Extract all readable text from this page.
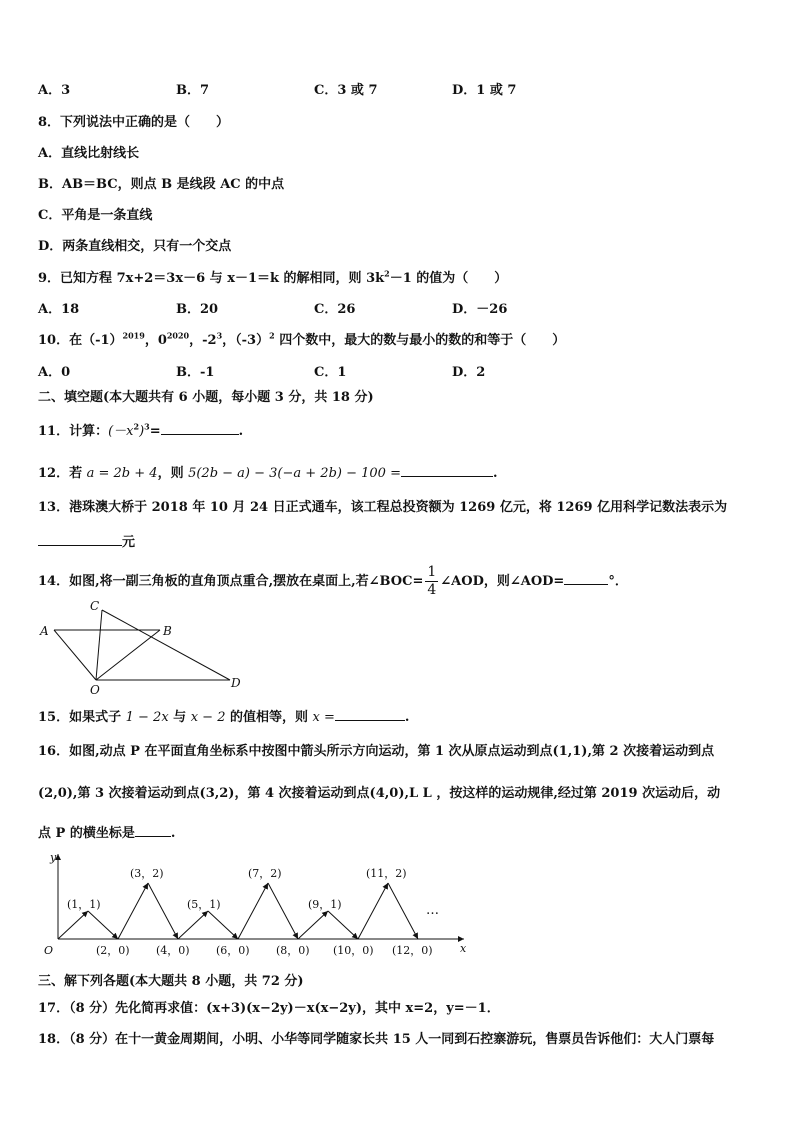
A．3	B．7	C．3 或 7	D．1 或 7
8．下列说法中正确的是（　　）
A．直线比射线长
B．AB＝BC，则点 B 是线段 AC 的中点
C．平角是一条直线
D．两条直线相交，只有一个交点
9．已知方程 7x+2＝3x－6 与 x－1＝k 的解相同，则 $3k^2-1$ 的值为（　　）
A．18	B．20	C．26	D．－26
10．在$(-1)^{2019}$，$0^{2020}$，$-2^3$，$(-3)^2$ 四个数中，最大的数与最小的数的和等于（　　）
A．0	B．-1	C．1	D．2
二、填空题(本大题共有 6 小题，每小题 3 分，共 18 分)
11．计算：$(-x^2)^3=$	.
12．若 a = 2b + 4，则 5(2b − a) − 3(−a + 2b) − 100 =	.
13．港珠澳大桥于 2018 年 10 月 24 日正式通车，该工程总投资额为 1269 亿元，将 1269 亿用科学记数法表示为
元
14．如图,将一副三角板的直角顶点重合,摆放在桌面上,若∠BOC= $\frac{1}{4}$ ∠AOD，则∠AOD=	°．
A	B
C
O	D
15．如果式子 1 − 2x 与 x − 2 的值相等，则 x =	.
16．如图,动点 P 在平面直角坐标系中按图中箭头所示方向运动，第 1 次从原点运动到点(1,1),第 2 次接着运动到点
(2,0),第 3 次接着运动到点(3,2)，第 4 次接着运动到点(4,0),L L ，按这样的运动规律,经过第 2019 次运动后，动
点 P 的横坐标是	.
y
x
O
…
(1，1)
(3，2)
(5，1)
(7，2)
(9，1)
(11，2)
(2，0) (4，0) (6，0) (8，0) (10，0) (12，0)
三、解下列各题(本大题共 8 小题，共 72 分)
17．（8 分）先化简再求值：(x+3)(x−2y)－x(x−2y)，其中 x=2，y=－1．
18．（8 分）在十一黄金周期间，小明、小华等同学随家长共 15 人一同到石控寨游玩，售票员告诉他们：大人门票每
